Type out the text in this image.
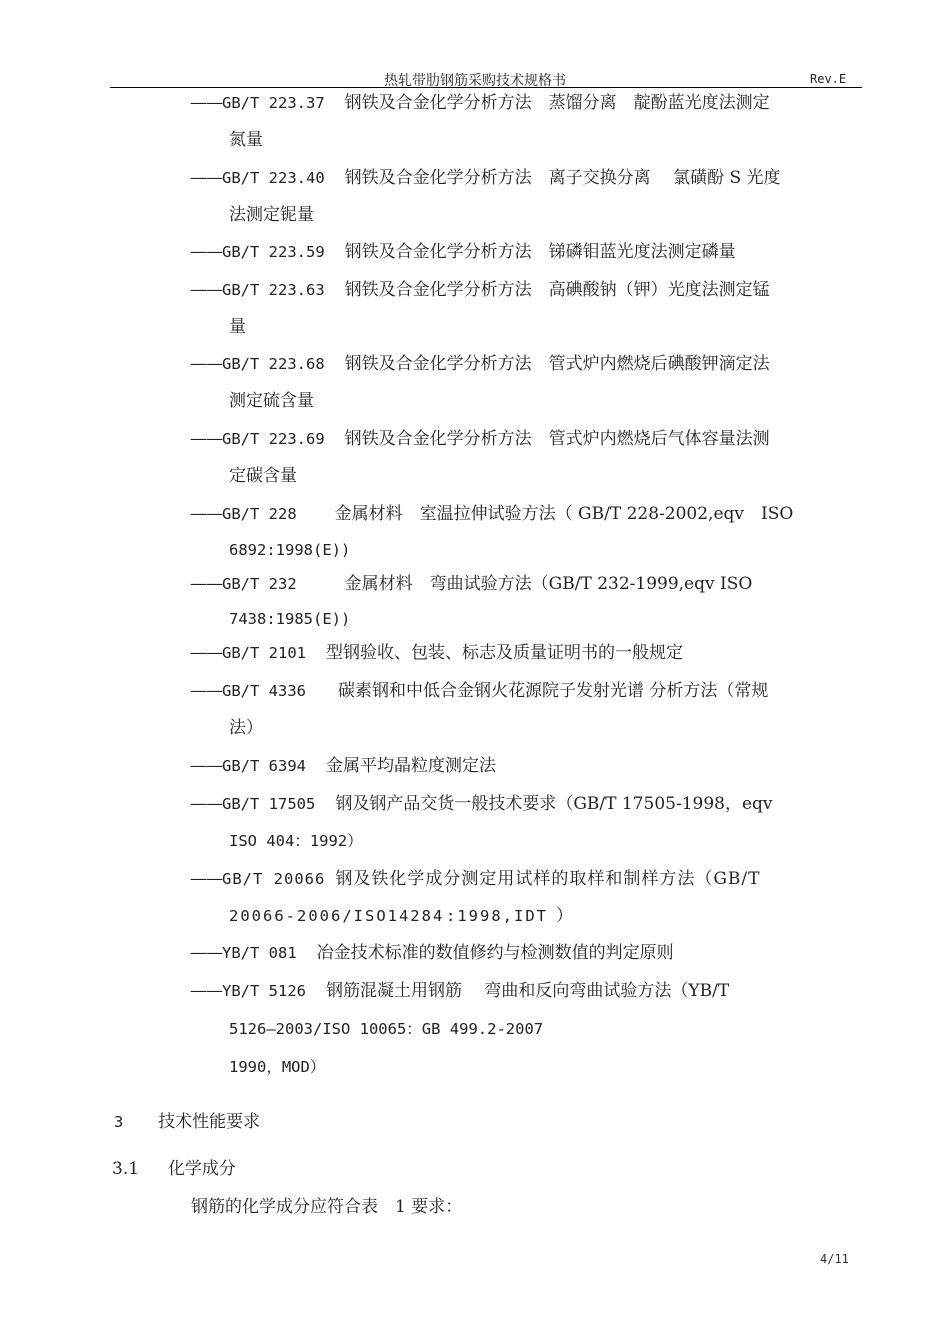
热轧带肋钢筋采购技术规格书	Rev.E
——GB/T 223.37 钢铁及合金化学分析方法　蒸馏分离　靛酚蓝光度法测定
氮量
——GB/T 223.40 钢铁及合金化学分析方法　离子交换分离　 氯磺酚 S 光度
法测定铌量
——GB/T 223.59 钢铁及合金化学分析方法　锑磷钼蓝光度法测定磷量
——GB/T 223.63 钢铁及合金化学分析方法　高碘酸钠（钾）光度法测定锰
量
——GB/T 223.68 钢铁及合金化学分析方法　管式炉内燃烧后碘酸钾滴定法
测定硫含量
——GB/T 223.69 钢铁及合金化学分析方法　管式炉内燃烧后气体容量法测
定碳含量
——GB/T 228 金属材料　室温拉伸试验方法（ GB/T 228-2002,eqv　ISO
6892:1998(E))
——GB/T 232	金属材料　弯曲试验方法（GB/T 232-1999,eqv ISO
7438:1985(E))
——GB/T 2101 型钢验收、包装、标志及质量证明书的一般规定
——GB/T 4336 碳素钢和中低合金钢火花源院子发射光谱 分析方法（常规
法）
——GB/T 6394 金属平均晶粒度测定法
——GB/T 17505 钢及钢产品交货一般技术要求（GB/T 17505-1998，eqv
ISO 404：1992）
——GB/T 20066 钢及铁化学成分测定用试样的取样和制样方法（GB/T
20066-2006/ISO14284 :1998,IDT ）
——YB/T 081 冶金技术标准的数值修约与检测数值的判定原则
——YB/T 5126 钢筋混凝土用钢筋　 弯曲和反向弯曲试验方法（YB/T
5126—2003/ISO 10065：GB 499.2-2007
1990，MOD）
3 技术性能要求
3.1 化学成分
钢筋的化学成分应符合表　1 要求：
4/11
